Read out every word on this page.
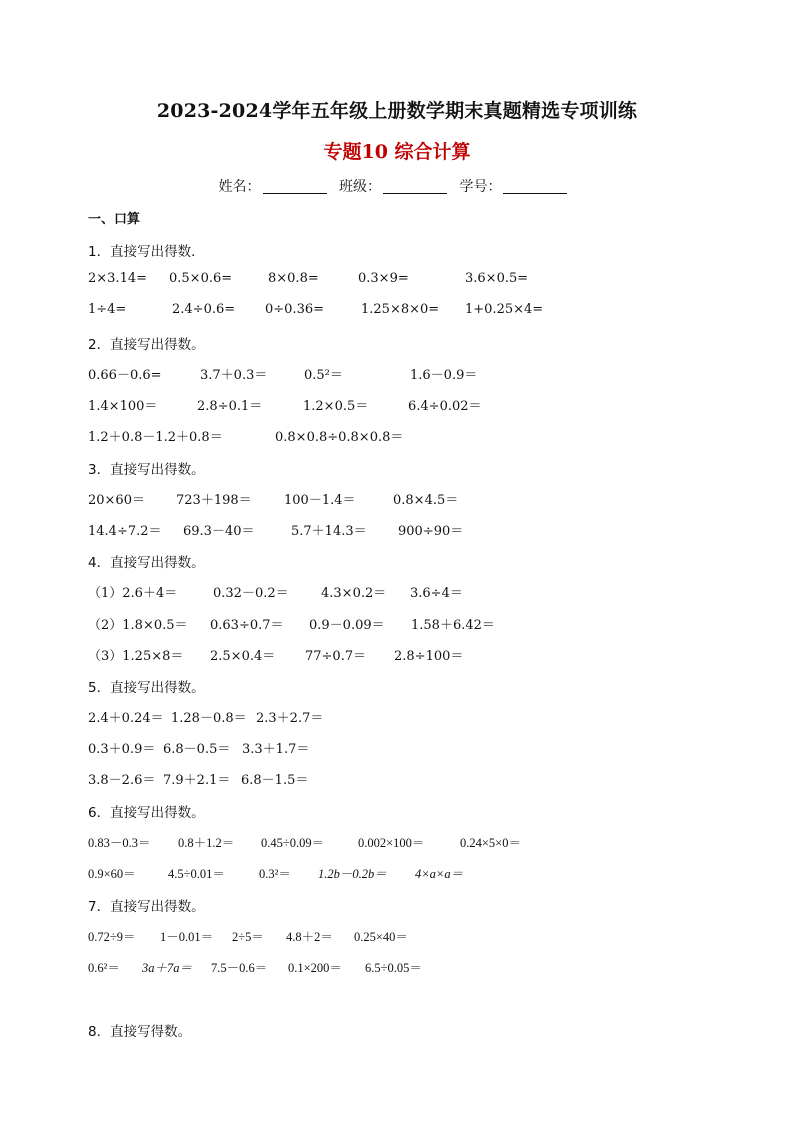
2023-2024学年五年级上册数学期末真题精选专项训练
专题10 综合计算
姓名：	班级：	学号：
一、口算
1．直接写出得数．
2×3.14= 0.5×0.6=	8×0.8=	0.3×9=	3.6×0.5=
1÷4=	2.4÷0.6= 0÷0.36=	1.25×8×0= 1+0.25×4=
2．直接写出得数。
0.66－0.6=	3.7＋0.3＝	0.5²＝	1.6－0.9＝
1.4×100＝	2.8÷0.1＝	1.2×0.5＝	6.4÷0.02＝
1.2＋0.8－1.2＋0.8＝	0.8×0.8÷0.8×0.8＝
3．直接写出得数。
20×60＝ 723＋198＝ 100－1.4＝	0.8×4.5＝
14.4÷7.2＝ 69.3－40＝	5.7＋14.3＝ 900÷90＝
4．直接写出得数。
（1）2.6＋4＝	0.32－0.2＝ 4.3×0.2＝ 3.6÷4＝
（2）1.8×0.5＝ 0.63÷0.7＝ 0.9－0.09＝ 1.58＋6.42＝
（3）1.25×8＝ 2.5×0.4＝ 77÷0.7＝ 2.8÷100＝
5．直接写出得数。
2.4＋0.24＝ 1.28－0.8＝ 2.3＋2.7＝
0.3＋0.9＝ 6.8－0.5＝ 3.3＋1.7＝
3.8－2.6＝ 7.9＋2.1＝ 6.8－1.5＝
6．直接写出得数。
0.83－0.3＝ 0.8＋1.2＝ 0.45÷0.09＝	0.002×100＝	0.24×5×0＝
0.9×60＝	4.5÷0.01＝	0.3²＝ 1.2b－0.2b＝ 4×a×a＝
7．直接写出得数。
0.72÷9＝ 1－0.01＝ 2÷5＝ 4.8＋2＝ 0.25×40＝
0.6²＝ 3a＋7a＝ 7.5－0.6＝ 0.1×200＝ 6.5÷0.05＝
8．直接写得数。
